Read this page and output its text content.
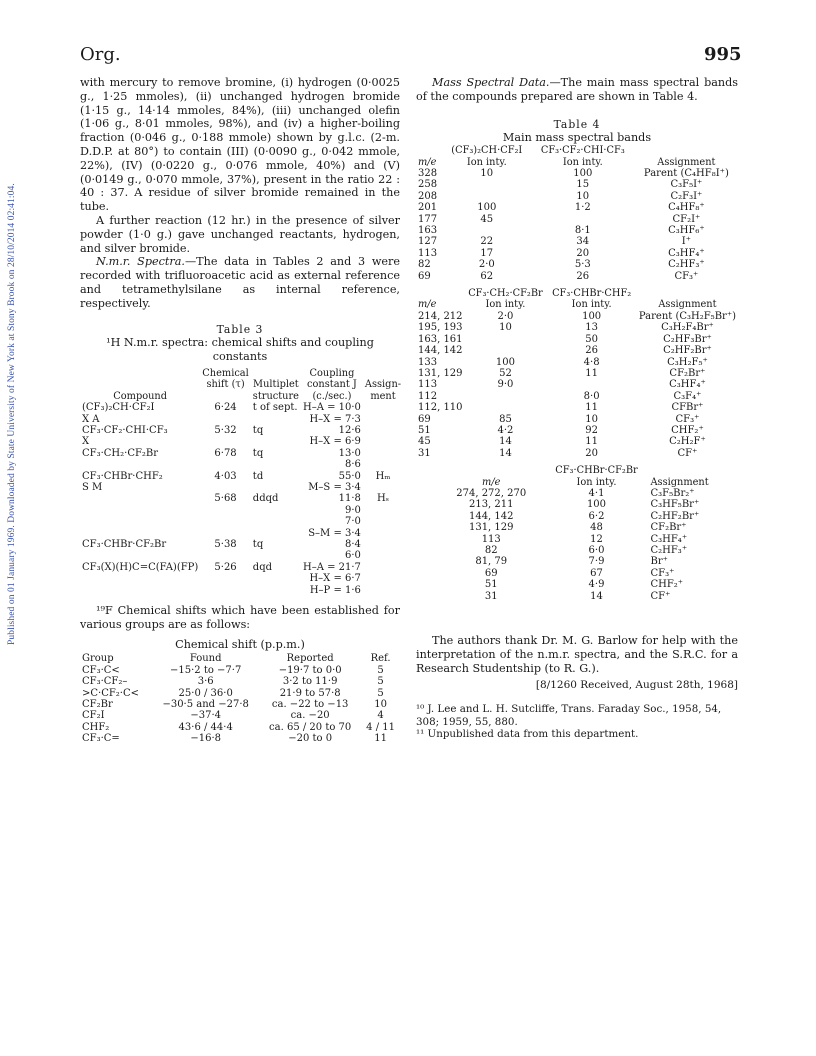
Published on 01 January 1969. Downloaded by State University of New York at Stony Brook on 28/10/2014 02:41:04.
Org.	995

with mercury to remove bromine, (i) hydrogen (0·0025 g., 1·25 mmoles), (ii) unchanged hydrogen bromide (1·15 g., 14·14 mmoles, 84%), (iii) unchanged olefin (1·06 g., 8·01 mmoles, 98%), and (iv) a higher-boiling fraction (0·046 g., 0·188 mmole) shown by g.l.c. (2-m. D.D.P. at 80°) to contain (III) (0·0090 g., 0·042 mmole, 22%), (IV) (0·0220 g., 0·076 mmole, 40%) and (V) (0·0149 g., 0·070 mmole, 37%), present in the ratio 22 : 40 : 37. A residue of silver bromide remained in the tube.

A further reaction (12 hr.) in the presence of silver powder (1·0 g.) gave unchanged reactants, hydrogen, and silver bromide.

N.m.r. Spectra.—The data in Tables 2 and 3 were recorded with trifluoroacetic acid as external reference and tetramethylsilane as internal reference, respectively.

Table 3
¹H N.m.r. spectra: chemical shifts and coupling constants
Compound	Chemical shift (τ)	Multiplet structure	Coupling constant J (c./sec.)	Assign-ment
(CF₃)₂CH·CF₂I	6·24	t of sept.	H–A = 10·0	
X A			H–X = 7·3	
CF₃·CF₂·CHI·CF₃	5·32	tq	12·6	
X			H–X = 6·9	
CF₃·CH₂·CF₂Br	6·78	tq	13·0	
			8·6	
CF₃·CHBr·CHF₂	4·03	td	55·0	Hₘ
S M			M–S = 3·4	
	5·68	ddqd	11·8	Hₛ
			9·0	
			7·0	
			S–M = 3·4	
CF₃·CHBr·CF₂Br	5·38	tq	8·4	
			6·0	
CF₃(X)(H)C=C(FA)(FP)	5·26	dqd	H–A = 21·7	
			H–X = 6·7	
			H–P = 1·6	

¹⁹F Chemical shifts which have been established for various groups are as follows:

Chemical shift (p.p.m.)
Group	Found	Reported	Ref.
CF₃·C<	−15·2 to −7·7	−19·7 to 0·0	5
CF₃·CF₂–	3·6	3·2 to 11·9	5
>C·CF₂·C<	25·0 / 36·0	21·9 to 57·8	5
CF₂Br	−30·5 and −27·8	ca. −22 to −13	10
CF₂I	−37·4	ca. −20	4
CHF₂	43·6 / 44·4	ca. 65 / 20 to 70	4 / 11
CF₃·C=	−16·8	−20 to 0	11

Mass Spectral Data.—The main mass spectral bands of the compounds prepared are shown in Table 4.

Table 4
Main mass spectral bands
m/e	(CF₃)₂CH·CF₂I Ion inty.	CF₃·CF₂·CHI·CF₃ Ion inty.	Assignment
328	10	100	Parent (C₄HF₈I⁺)
258		15	C₃F₅I⁺
208		10	C₂F₃I⁺
201	100	1·2	C₄HF₈⁺
177	45		CF₂I⁺
163		8·1	C₃HF₆⁺
127	22	34	I⁺
113	17	20	C₃HF₄⁺
82	2·0	5·3	C₂HF₃⁺
69	62	26	CF₃⁺
m/e	CF₃·CH₂·CF₂Br Ion inty.	CF₃·CHBr·CHF₂ Ion inty.	Assignment
214, 212	2·0	100	Parent (C₃H₂F₅Br⁺)
195, 193	10	13	C₃H₂F₄Br⁺
163, 161		50	C₂HF₃Br⁺
144, 142		26	C₂HF₂Br⁺
133	100	4·8	C₃H₂F₅⁺
131, 129	52	11	CF₂Br⁺
113	9·0		C₃HF₄⁺
112		8·0	C₃F₄⁺
112, 110		11	CFBr⁺
69	85	10	CF₃⁺
51	4·2	92	CHF₂⁺
45	14	11	C₂H₂F⁺
31	14	20	CF⁺
m/e	CF₃·CHBr·CF₂Br Ion inty.	Assignment
274, 272, 270	4·1	C₃F₅Br₂⁺
213, 211	100	C₃HF₅Br⁺
144, 142	6·2	C₂HF₂Br⁺
131, 129	48	CF₂Br⁺
113	12	C₃HF₄⁺
82	6·0	C₂HF₃⁺
81, 79	7·9	Br⁺
69	67	CF₃⁺
51	4·9	CHF₂⁺
31	14	CF⁺

The authors thank Dr. M. G. Barlow for help with the interpretation of the n.m.r. spectra, and the S.R.C. for a Research Studentship (to R. G.).

[8/1260 Received, August 28th, 1968]
¹⁰ J. Lee and L. H. Sutcliffe, Trans. Faraday Soc., 1958, 54, 308; 1959, 55, 880.
¹¹ Unpublished data from this department.
